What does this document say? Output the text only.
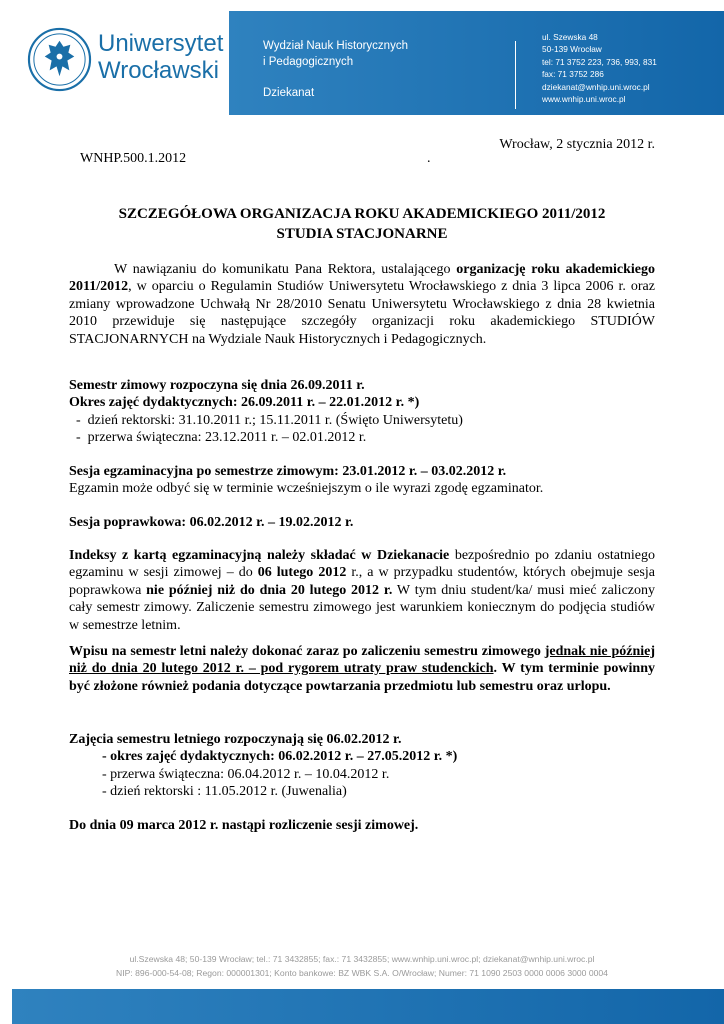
Uniwersytet
Wrocławski
Wydział Nauk Historycznych
i Pedagogicznych
Dziekanat
ul. Szewska 48
50-139 Wrocław
tel: 71 3752 223, 736, 993, 831
fax: 71 3752 286
dziekanat@wnhip.uni.wroc.pl
www.wnhip.uni.wroc.pl
Wrocław, 2 stycznia 2012 r.
WNHP.500.1.2012	.
SZCZEGÓŁOWA ORGANIZACJA ROKU AKADEMICKIEGO 2011/2012
STUDIA STACJONARNE
W nawiązaniu do komunikatu Pana Rektora, ustalającego organizację roku akademickiego 2011/2012, w oparciu o Regulamin Studiów Uniwersytetu Wrocławskiego z dnia 3 lipca 2006 r. oraz zmiany wprowadzone Uchwałą Nr 28/2010 Senatu Uniwersytetu Wrocławskiego z dnia 28 kwietnia 2010 przewiduje się następujące szczegóły organizacji roku akademickiego STUDIÓW STACJONARNYCH na Wydziale Nauk Historycznych i Pedagogicznych.
Semestr zimowy rozpoczyna się dnia 26.09.2011 r.
Okres zajęć dydaktycznych: 26.09.2011 r. – 22.01.2012 r. *)
-  dzień rektorski: 31.10.2011 r.; 15.11.2011 r. (Święto Uniwersytetu)
-  przerwa świąteczna: 23.12.2011 r. – 02.01.2012 r.
Sesja egzaminacyjna po semestrze zimowym: 23.01.2012 r. – 03.02.2012 r.
Egzamin może odbyć się w terminie wcześniejszym o ile wyrazi zgodę egzaminator.
Sesja poprawkowa: 06.02.2012 r. – 19.02.2012 r.
Indeksy z kartą egzaminacyjną należy składać w Dziekanacie bezpośrednio po zdaniu ostatniego egzaminu w sesji zimowej – do 06 lutego 2012 r., a w przypadku studentów, których obejmuje sesja poprawkowa nie później niż do dnia 20 lutego 2012 r. W tym dniu student/ka/ musi mieć zaliczony cały semestr zimowy. Zaliczenie semestru zimowego jest warunkiem koniecznym do podjęcia studiów w semestrze letnim.
Wpisu na semestr letni należy dokonać zaraz po zaliczeniu semestru zimowego jednak nie później niż do dnia 20 lutego 2012 r. – pod rygorem utraty praw studenckich. W tym terminie powinny być złożone również podania dotyczące powtarzania przedmiotu lub semestru oraz urlopu.
Zajęcia semestru letniego rozpoczynają się 06.02.2012 r.
- okres zajęć dydaktycznych: 06.02.2012 r. – 27.05.2012 r. *)
- przerwa świąteczna: 06.04.2012 r. – 10.04.2012 r.
- dzień rektorski : 11.05.2012 r. (Juwenalia)
Do dnia 09 marca 2012 r. nastąpi rozliczenie sesji zimowej.
ul.Szewska 48; 50-139 Wrocław; tel.: 71 3432855; fax.: 71 3432855; www.wnhip.uni.wroc.pl; dziekanat@wnhip.uni.wroc.pl
NIP: 896-000-54-08; Regon: 000001301; Konto bankowe: BZ WBK S.A. O/Wrocław; Numer: 71 1090 2503 0000 0006 3000 0004
